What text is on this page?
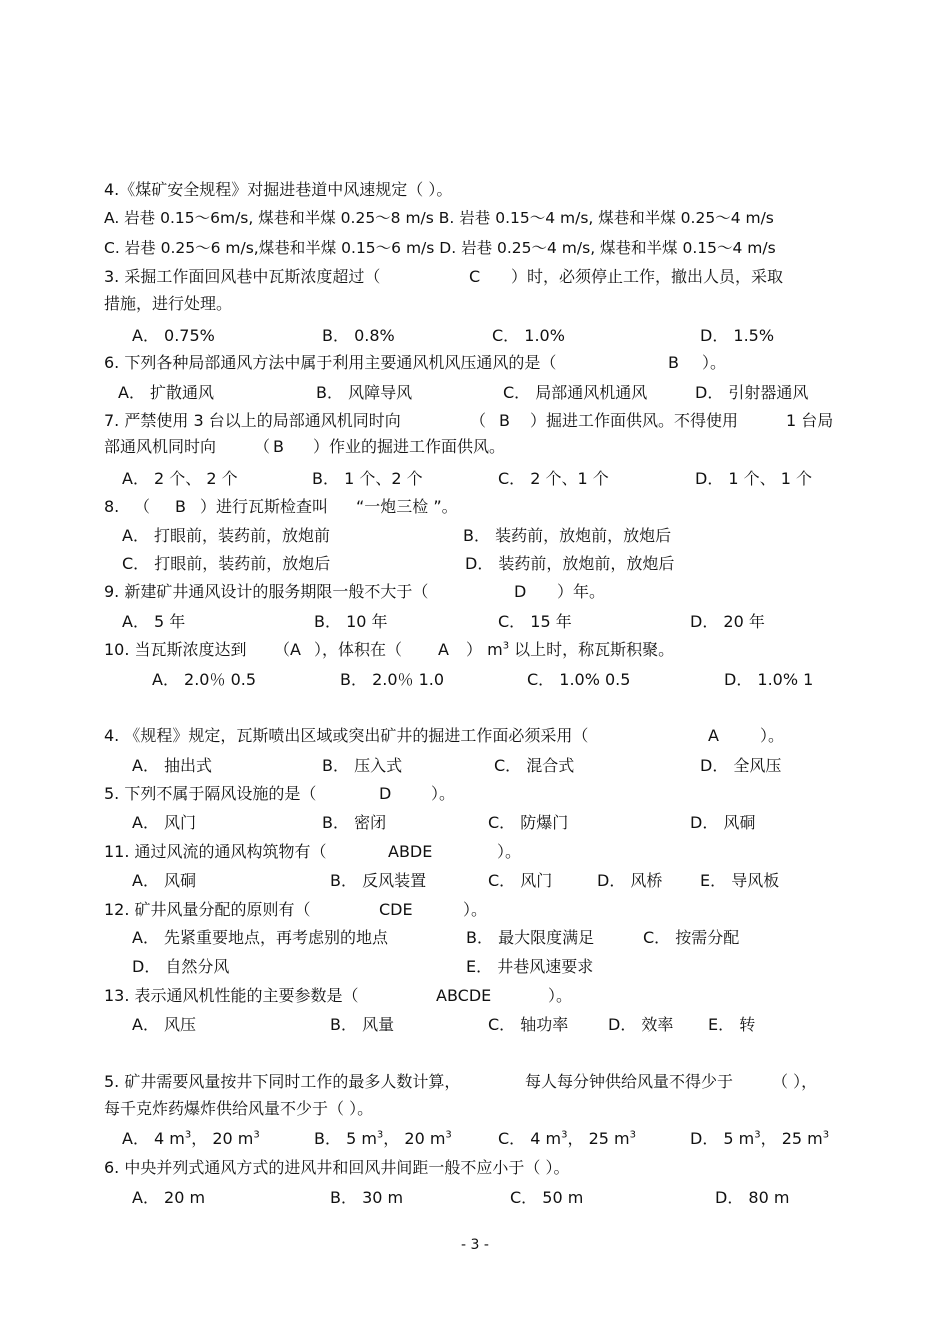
4.《煤矿安全规程》对掘进巷道中风速规定（ ）。
A. 岩巷 0.15～6m/s, 煤巷和半煤 0.25～8 m/s B. 岩巷 0.15～4 m/s, 煤巷和半煤 0.25～4 m/s
C. 岩巷 0.25～6 m/s,煤巷和半煤 0.15～6 m/s D. 岩巷 0.25～4 m/s, 煤巷和半煤 0.15～4 m/s
3. 采掘工作面回风巷中瓦斯浓度超过（	C ）时，必须停止工作，撤出人员，采取
措施，进行处理。
A． 0.75%	B． 0.8%	C． 1.0%	D． 1.5%
6. 下列各种局部通风方法中属于利用主要通风机风压通风的是（	B ）。
A． 扩散通风	B． 风障导风	C． 局部通风机通风	D． 引射器通风
7. 严禁使用 3 台以上的局部通风机同时向	（ B ）掘进工作面供风。不得使用	1 台局
部通风机同时向 （ B ）作业的掘进工作面供风。
A． 2 个、 2 个	B． 1 个、2 个	C． 2 个、1 个	D． 1 个、 1 个
8. （ B ）进行瓦斯检查叫 “一炮三检 ”。
A． 打眼前，装药前，放炮前	B． 装药前，放炮前，放炮后
C． 打眼前，装药前，放炮后	D． 装药前，放炮前，放炮后
9. 新建矿井通风设计的服务期限一般不大于（	D ）年。
A． 5 年	B． 10 年	C． 15 年	D． 20 年
10. 当瓦斯浓度达到 （A ），体积在（ A ） $m^3$ 以上时，称瓦斯积聚。
A． 2.0％ 0.5	B． 2.0％ 1.0	C． 1.0% 0.5	D． 1.0% 1
4. 《规程》规定，瓦斯喷出区域或突出矿井的掘进工作面必须采用（	A	）。
A． 抽出式	B． 压入式	C． 混合式	D． 全风压
5. 下列不属于隔风设施的是（	D ）。
A． 风门	B． 密闭	C． 防爆门	D． 风硐
11. 通过风流的通风构筑物有（	ABDE	）。
A． 风硐	B． 反风装置	C． 风门	D． 风桥 E． 导风板
12. 矿井风量分配的原则有（	CDE	）。
A． 先紧重要地点，再考虑别的地点	B． 最大限度满足	C． 按需分配
D． 自然分风	E． 井巷风速要求
13. 表示通风机性能的主要参数是（	ABCDE	）。
A． 风压	B． 风量	C． 轴功率 D． 效率 E． 转
5. 矿井需要风量按井下同时工作的最多人数计算，	每人每分钟供给风量不得少于 （ ），
每千克炸药爆炸供给风量不少于（ ）。
A． 4 $m^3$， 20 $m^3$	B． 5 $m^3$， 20 $m^3$	C． 4 $m^3$， 25 $m^3$	D． 5 $m^3$， 25 $m^3$
6. 中央并列式通风方式的进风井和回风井间距一般不应小于（ ）。
A． 20 m	B． 30 m	C． 50 m	D． 80 m
- 3 -
